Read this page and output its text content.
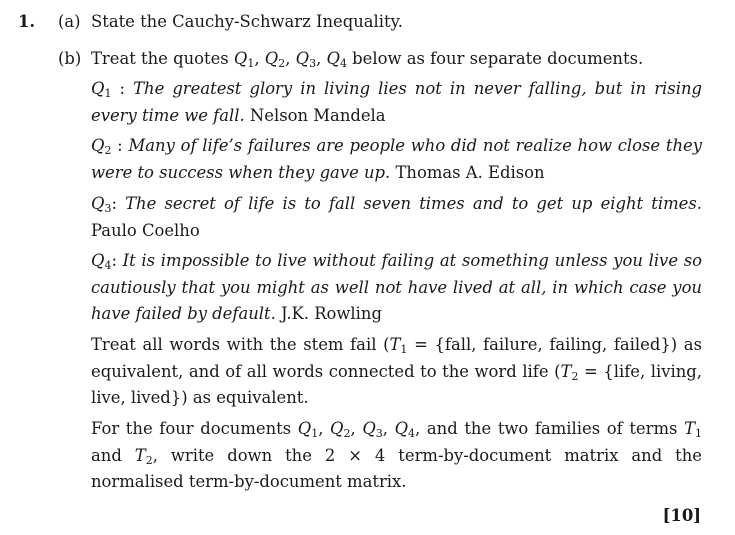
1. (a) State the Cauchy-Schwarz Inequality.
(b) Treat the quotes $Q_1$, $Q_2$, $Q_3$, $Q_4$ below as four separate documents.
$Q_1$ : The greatest glory in living lies not in never falling, but in rising every time we fall. Nelson Mandela
$Q_2$ : Many of life’s failures are people who did not realize how close they were to success when they gave up. Thomas A. Edison
$Q_3$: The secret of life is to fall seven times and to get up eight times. Paulo Coelho
$Q_4$: It is impossible to live without failing at something unless you live so cautiously that you might as well not have lived at all, in which case you have failed by default. J.K. Rowling
Treat all words with the stem fail ($T_1$ = {fall, failure, failing, failed}) as equivalent, and of all words connected to the word life ($T_2$ = {life, living, live, lived}) as equivalent.
For the four documents $Q_1$, $Q_2$, $Q_3$, $Q_4$, and the two families of terms $T_1$ and $T_2$, write down the 2 × 4 term-by-document matrix and the normalised term-by-document matrix.
[10]
